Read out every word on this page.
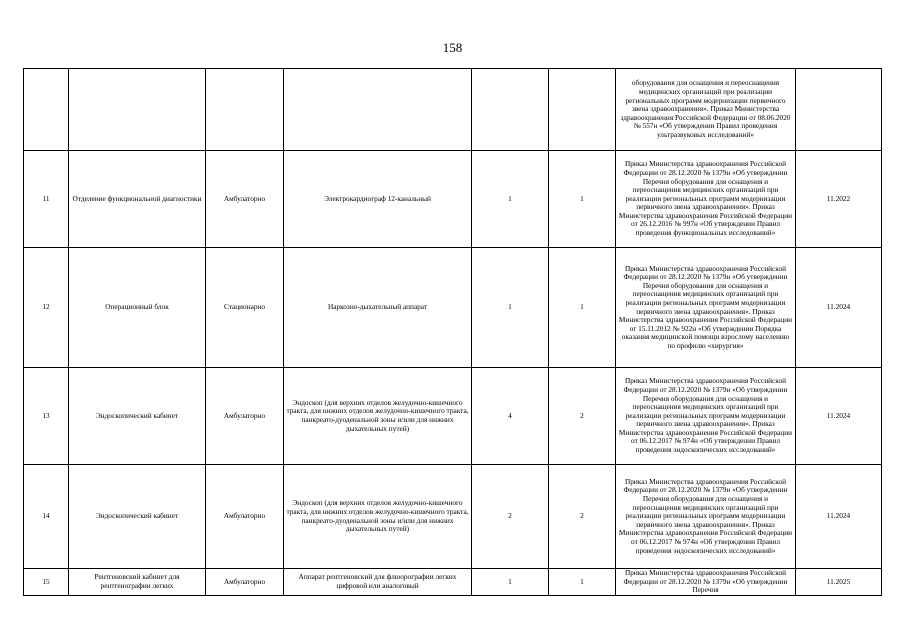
158
						оборудования для оснащения и переоснащения медицинских организаций при реализации региональных программ модернизации первичного звена здравоохранения». Приказ Министерства здравоохранения Российской Федерации от 08.06.2020 № 557н «Об утверждении Правил проведения ультразвуковых исследований»	
11	Отделение функциональной диагностики	Амбулаторно	Электрокардиограф 12-канальный	1	1	Приказ Министерства здравоохранения Российской Федерации от 28.12.2020 № 1379н «Об утверждении Перечня оборудования для оснащения и переоснащения медицинских организаций при реализации региональных программ модернизации первичного звена здравоохранения». Приказ Министерства здравоохранения Российской Федерации от 26.12.2016 № 997н «Об утверждении Правил проведения функциональных исследований»	11.2022
12	Операционный блок	Стационарно	Наркозно-дыхательный аппарат	1	1	Приказ Министерства здравоохранения Российской Федерации от 28.12.2020 № 1379н «Об утверждении Перечня оборудования для оснащения и переоснащения медицинских организаций при реализации региональных программ модернизации первичного звена здравоохранения». Приказ Министерства здравоохранения Российской Федерации от 15.11.2012 № 922н «Об утверждении Порядка оказания медицинской помощи взрослому населению по профилю «хирургия»	11.2024
13	Эндоскопический кабинет	Амбулаторно	Эндоскоп (для верхних отделов желудочно-кишечного тракта, для нижних отделов желудочно-кишечного тракта, панкреато-дуоденальной зоны и/или для нижних дыхательных путей)	4	2	Приказ Министерства здравоохранения Российской Федерации от 28.12.2020 № 1379н «Об утверждении Перечня оборудования для оснащения и переоснащения медицинских организаций при реализации региональных программ модернизации первичного звена здравоохранения». Приказ Министерства здравоохранения Российской Федерации от 06.12.2017 № 974н «Об утверждении Правил проведения эндоскопических исследований»	11.2024
14	Эндоскопический кабинет	Амбулаторно	Эндоскоп (для верхних отделов желудочно-кишечного тракта, для нижних отделов желудочно-кишечного тракта, панкреато-дуоденальной зоны и/или для нижних дыхательных путей)	2	2	Приказ Министерства здравоохранения Российской Федерации от 28.12.2020 № 1379н «Об утверждении Перечня оборудования для оснащения и переоснащения медицинских организаций при реализации региональных программ модернизации первичного звена здравоохранения». Приказ Министерства здравоохранения Российской Федерации от 06.12.2017 № 974н «Об утверждении Правил проведения эндоскопических исследований»	11.2024
15	Рентгеновский кабинет для рентгенографии легких	Амбулаторно	Аппарат рентгеновский для флюорографии легких цифровой или аналоговый	1	1	Приказ Министерства здравоохранения Российской Федерации от 28.12.2020 № 1379н «Об утверждении Перечня	11.2025
